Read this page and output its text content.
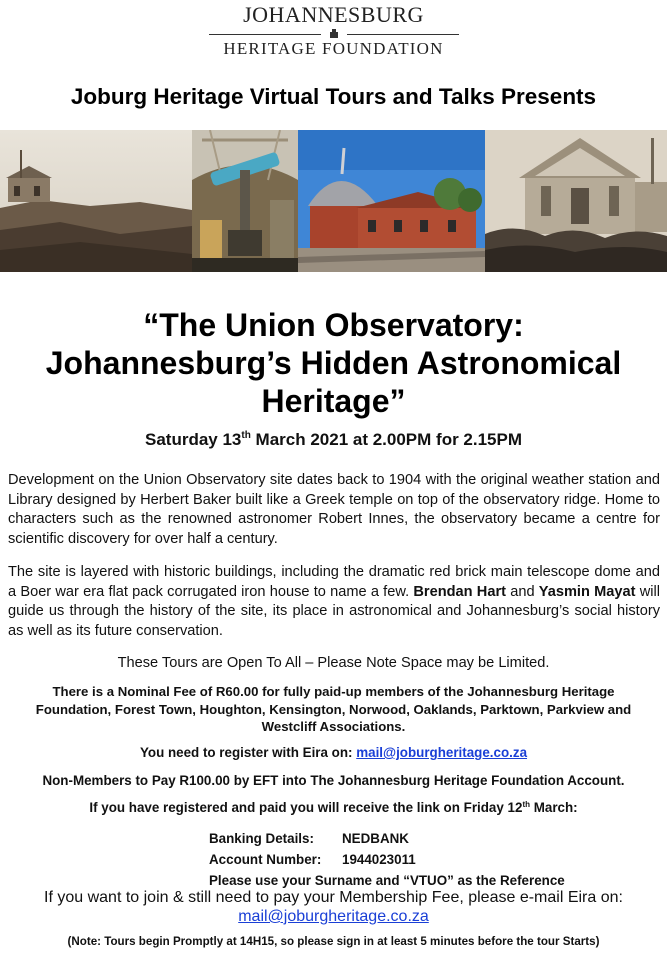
JOHANNESBURG
HERITAGE FOUNDATION
Joburg Heritage Virtual Tours and Talks Presents
“The Union Observatory:
Johannesburg’s Hidden Astronomical
Heritage”
Saturday 13th March 2021 at 2.00PM for 2.15PM

Development on the Union Observatory site dates back to 1904 with the original weather station and Library designed by Herbert Baker built like a Greek temple on top of the observatory ridge. Home to characters such as the renowned astronomer Robert Innes, the observatory became a centre for scientific discovery for over half a century.

The site is layered with historic buildings, including the dramatic red brick main telescope dome and a Boer war era flat pack corrugated iron house to name a few. Brendan Hart and Yasmin Mayat will guide us through the history of the site, its place in astronomical and Johannesburg’s social history as well as its future conservation.

These Tours are Open To All – Please Note Space may be Limited.
There is a Nominal Fee of R60.00 for fully paid-up members of the Johannesburg Heritage Foundation, Forest Town, Houghton, Kensington, Norwood, Oaklands, Parktown, Parkview and Westcliff Associations.
You need to register with Eira on: mail@joburgheritage.co.za
Non-Members to Pay R100.00 by EFT into The Johannesburg Heritage Foundation Account.
If you have registered and paid you will receive the link on Friday 12th March:
Banking Details: NEDBANK
Account Number: 1944023011
Please use your Surname and “VTUO” as the Reference
If you want to join & still need to pay your Membership Fee, please e-mail Eira on:
mail@joburgheritage.co.za
(Note: Tours begin Promptly at 14H15, so please sign in at least 5 minutes before the tour Starts)
